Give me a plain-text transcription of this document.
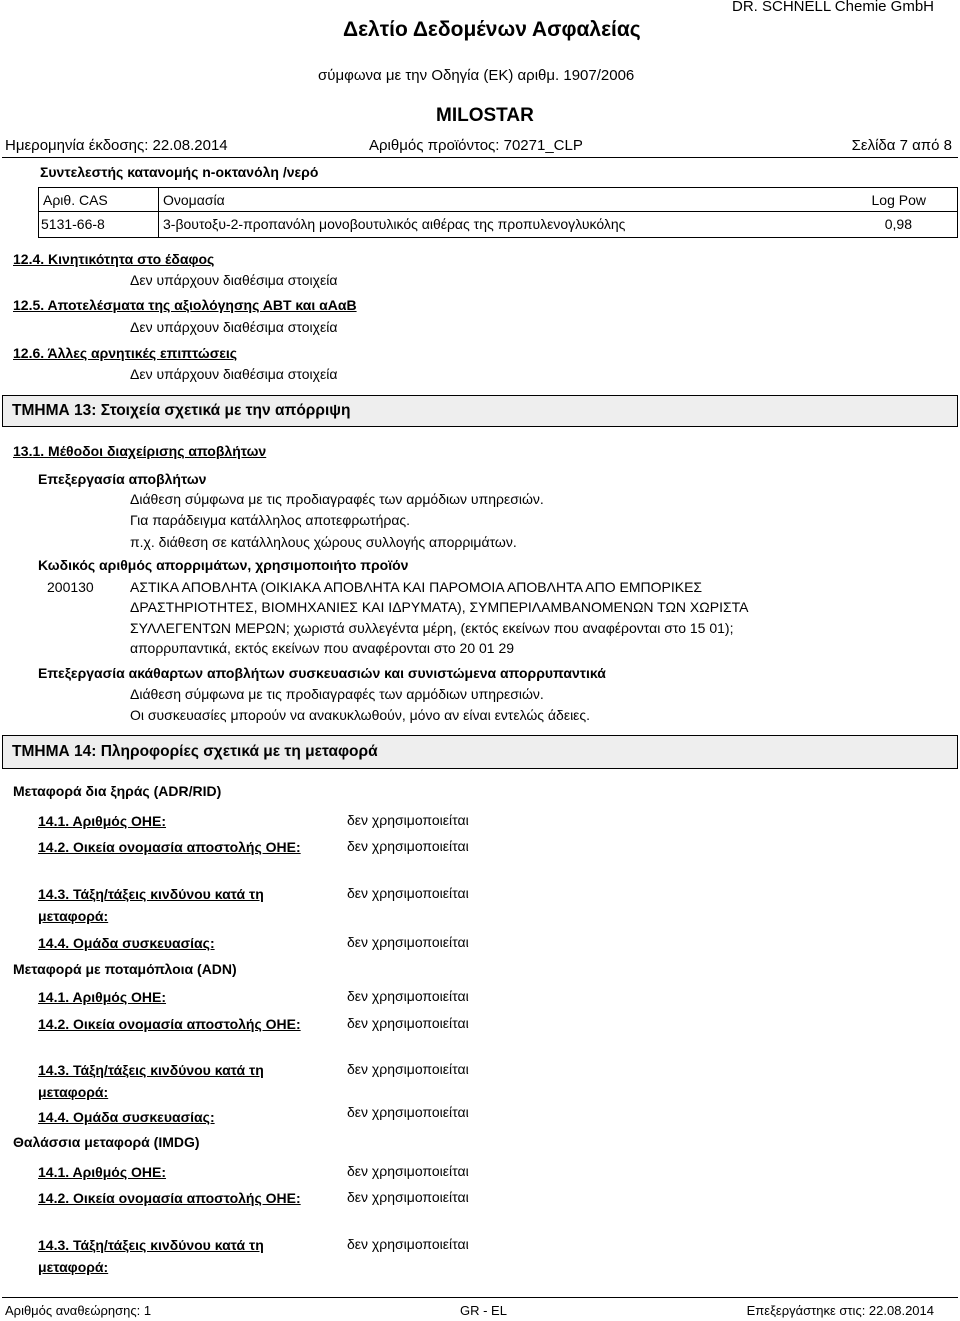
Δελτίο Δεδομένων Ασφαλείας
DR. SCHNELL Chemie GmbH
σύμφωνα με την Οδηγία (ΕΚ) αριθμ. 1907/2006
MILOSTAR
Ημερομηνία έκδοσης: 22.08.2014	Αριθμός προϊόντος: 70271_CLP	Σελίδα 7 από 8
Συντελεστής κατανομής n-οκτανόλη /νερό
Αριθ. CAS	Ονομασία	Log Pow
5131-66-8	3-βουτοξυ-2-προπανόλη μονοβουτυλικός αιθέρας της προπυλενογλυκόλης	0,98
12.4. Κινητικότητα στο έδαφος
Δεν υπάρχουν διαθέσιμα στοιχεία
12.5. Αποτελέσματα της αξιολόγησης ΑΒΤ και αΑαΒ
Δεν υπάρχουν διαθέσιμα στοιχεία
12.6. Άλλες αρνητικές επιπτώσεις
Δεν υπάρχουν διαθέσιμα στοιχεία
ΤΜΗΜΑ 13: Στοιχεία σχετικά με την απόρριψη
13.1. Μέθοδοι διαχείρισης αποβλήτων
Επεξεργασία αποβλήτων
Διάθεση σύμφωνα με τις προδιαγραφές των αρμόδιων υπηρεσιών.
Για παράδειγμα κατάλληλος αποτεφρωτήρας.
π.χ. διάθεση σε κατάλληλους χώρους συλλογής απορριμάτων.
Κωδικός αριθμός απορριμάτων, χρησιμοποιήτο προϊόν
200130	ΑΣΤΙΚΑ ΑΠΟΒΛΗΤΑ (ΟΙΚΙΑΚΑ ΑΠΟΒΛΗΤΑ ΚΑΙ ΠΑΡΟΜΟΙΑ ΑΠΟΒΛΗΤΑ ΑΠΟ ΕΜΠΟΡΙΚΕΣ
ΔΡΑΣΤΗΡΙΟΤΗΤΕΣ, ΒΙΟΜΗΧΑΝΙΕΣ ΚΑΙ ΙΔΡΥΜΑΤΑ), ΣΥΜΠΕΡΙΛΑΜΒΑΝΟΜΕΝΩΝ ΤΩΝ ΧΩΡΙΣΤΑ
ΣΥΛΛΕΓΕΝΤΩΝ ΜΕΡΩΝ; χωριστά συλλεγέντα μέρη, (εκτός εκείνων που αναφέρονται στο 15 01);
απορρυπαντικά, εκτός εκείνων που αναφέρονται στο 20 01 29
Επεξεργασία ακάθαρτων αποβλήτων συσκευασιών και συνιστώμενα απορρυπαντικά
Διάθεση σύμφωνα με τις προδιαγραφές των αρμόδιων υπηρεσιών.
Οι συσκευασίες μπορούν να ανακυκλωθούν, μόνο αν είναι εντελώς άδειες.
ΤΜΗΜΑ 14: Πληροφορίες σχετικά με τη μεταφορά
Μεταφορά δια ξηράς (ADR/RID)
14.1. Αριθμός ΟΗΕ:	δεν χρησιμοποιείται
14.2. Οικεία ονομασία αποστολής ΟΗΕ:	δεν χρησιμοποιείται
14.3. Τάξη/τάξεις κινδύνου κατά τη μεταφορά:
δεν χρησιμοποιείται
14.4. Ομάδα συσκευασίας:	δεν χρησιμοποιείται
Μεταφορά με ποταμόπλοια (ADN)
14.1. Αριθμός ΟΗΕ:	δεν χρησιμοποιείται
14.2. Οικεία ονομασία αποστολής ΟΗΕ:	δεν χρησιμοποιείται
14.3. Τάξη/τάξεις κινδύνου κατά τη μεταφορά:
δεν χρησιμοποιείται
14.4. Ομάδα συσκευασίας:	δεν χρησιμοποιείται
Θαλάσσια μεταφορά (IMDG)
14.1. Αριθμός ΟΗΕ:	δεν χρησιμοποιείται
14.2. Οικεία ονομασία αποστολής ΟΗΕ:	δεν χρησιμοποιείται
14.3. Τάξη/τάξεις κινδύνου κατά τη μεταφορά:
δεν χρησιμοποιείται
Αριθμός αναθεώρησης: 1	GR - EL	Επεξεργάστηκε στις: 22.08.2014
